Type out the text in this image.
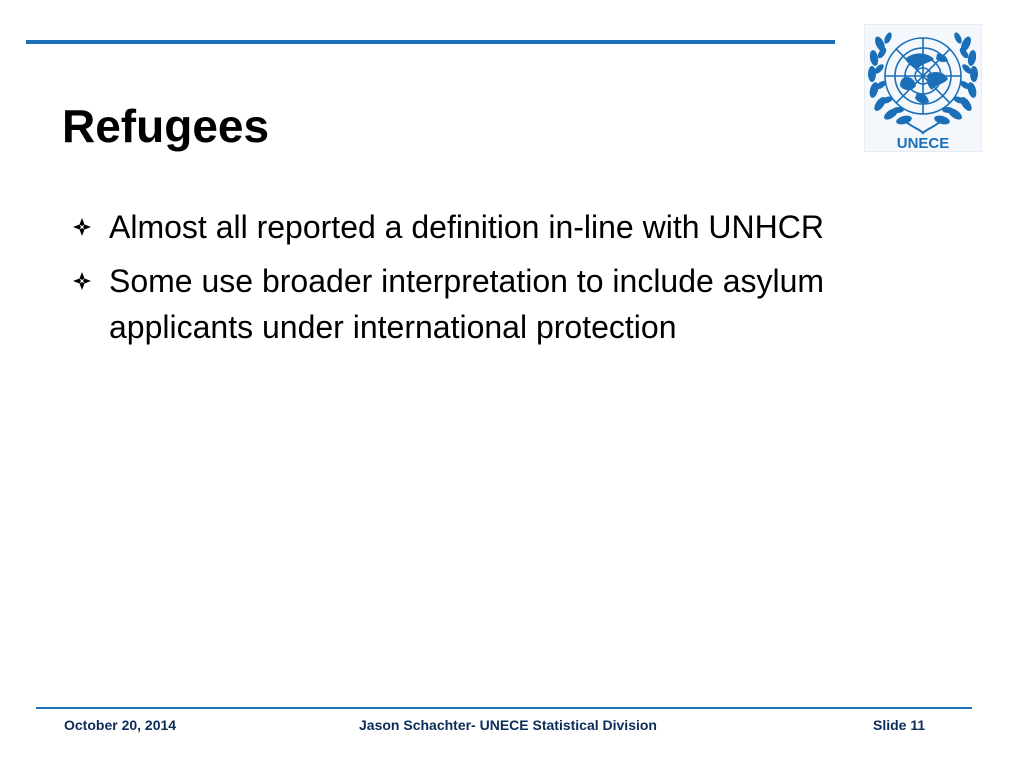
Refugees	UNECE
Almost all reported a definition in-line with UNHCR
Some use broader interpretation to include asylum applicants under international protection
October 20, 2014	Jason Schachter- UNECE Statistical Division	Slide 11
